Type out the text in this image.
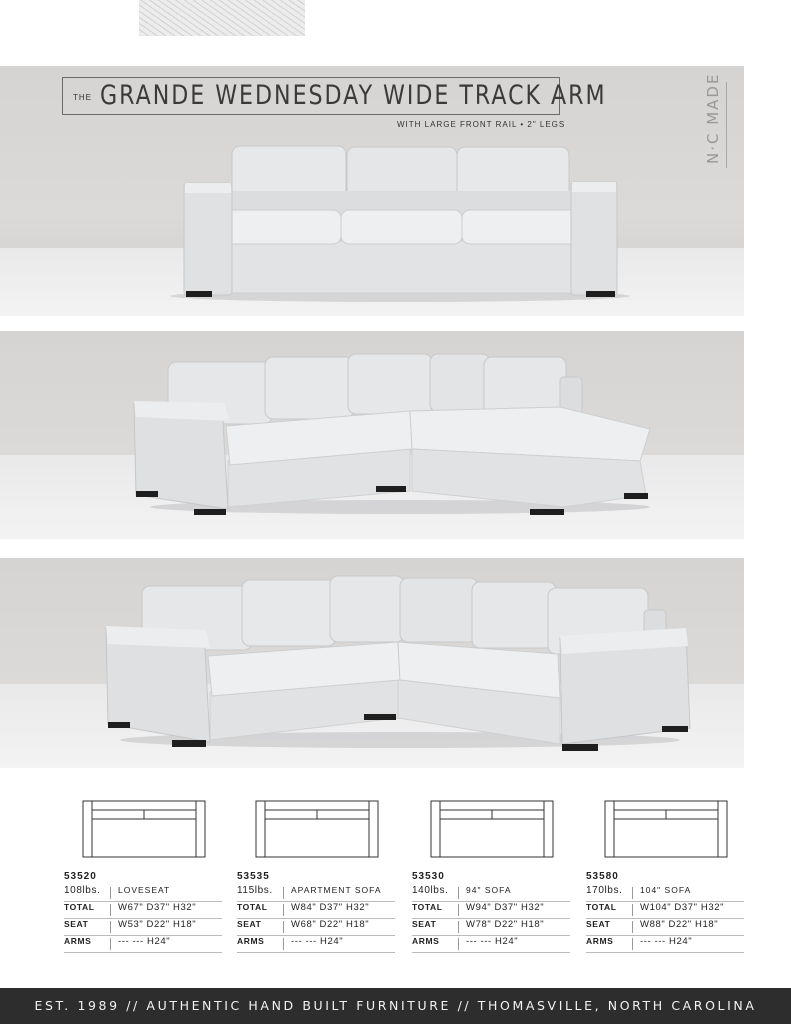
THE GRANDE WEDNESDAY WIDE TRACK ARM
WITH LARGE FRONT RAIL • 2" LEGS	N·C MADE
53520
108lbs.	LOVESEAT
TOTAL	W67" D37" H32"
SEAT	W53" D22" H18"
ARMS	--- --- H24"
53535
115lbs.	APARTMENT SOFA
TOTAL	W84" D37" H32"
SEAT	W68" D22" H18"
ARMS	--- --- H24"
53530
140lbs.	94" SOFA
TOTAL	W94" D37" H32"
SEAT	W78" D22" H18"
ARMS	--- --- H24"
53580
170lbs.	104" SOFA
TOTAL	W104" D37" H32"
SEAT	W88" D22" H18"
ARMS	--- --- H24"
EST. 1989 // AUTHENTIC HAND BUILT FURNITURE // THOMASVILLE, NORTH CAROLINA
